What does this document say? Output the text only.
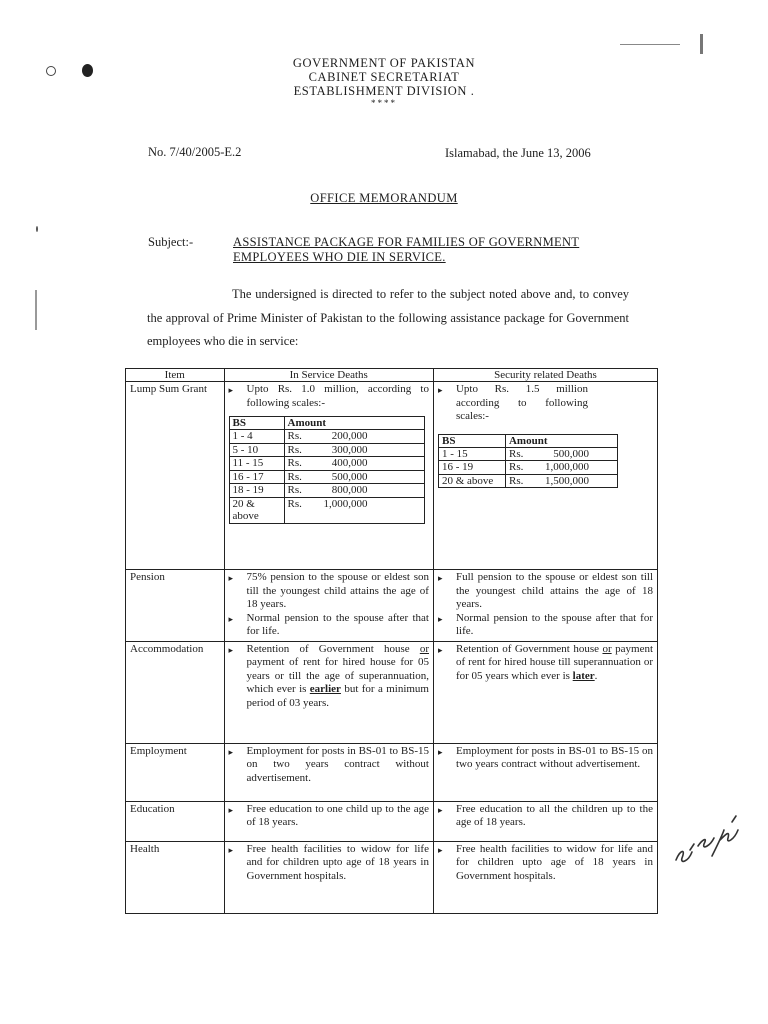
GOVERNMENT OF PAKISTAN
CABINET SECRETARIAT
ESTABLISHMENT DIVISION .
****
No. 7/40/2005-E.2	Islamabad, the June 13, 2006
OFFICE MEMORANDUM
Subject:-	ASSISTANCE PACKAGE FOR FAMILIES OF GOVERNMENT EMPLOYEES WHO DIE IN SERVICE.
The undersigned is directed to refer to the subject noted above and, to convey the approval of Prime Minister of Pakistan to the following assistance package for Government employees who die in service:
Item	In Service Deaths	Security related Deaths
Lump Sum Grant	▸	Upto Rs. 1.0 million, according to following scales:-
BS	Amount
1 - 4	Rs.	200,000
5 - 10	Rs.	300,000
11 - 15	Rs.	400,000
16 - 17	Rs.	500,000
18 - 19	Rs.	800,000
20 & above	Rs. 1,000,000

▸	Upto Rs. 1.5 million according to following scales:-
BS	Amount
1 - 15	Rs.	500,000
16 - 19	Rs. 1,000,000
20 & above	Rs. 1,500,000

Pension	▸	75% pension to the spouse or eldest son till the youngest child attains the age of 18 years.
▸	Normal pension to the spouse after that for life.

▸	Full pension to the spouse or eldest son till the youngest child attains the age of 18 years.
▸	Normal pension to the spouse after that for life.

Accommodation	▸	Retention of Government house or payment of rent for hired house for 05 years or till the age of superannuation, which ever is earlier but for a minimum period of 03 years.

▸	Retention of Government house or payment of rent for hired house till superannuation or for 05 years which ever is later.

Employment	▸	Employment for posts in BS-01 to BS-15 on two years contract without advertisement.

▸	Employment for posts in BS-01 to BS-15 on two years contract without advertisement.

Education	▸	Free education to one child up to the age of 18 years.

▸	Free education to all the children up to the age of 18 years.

Health	▸	Free health facilities to widow for life and for children upto age of 18 years in Government hospitals.

▸	Free health facilities to widow for life and for children upto age of 18 years in Government hospitals.
